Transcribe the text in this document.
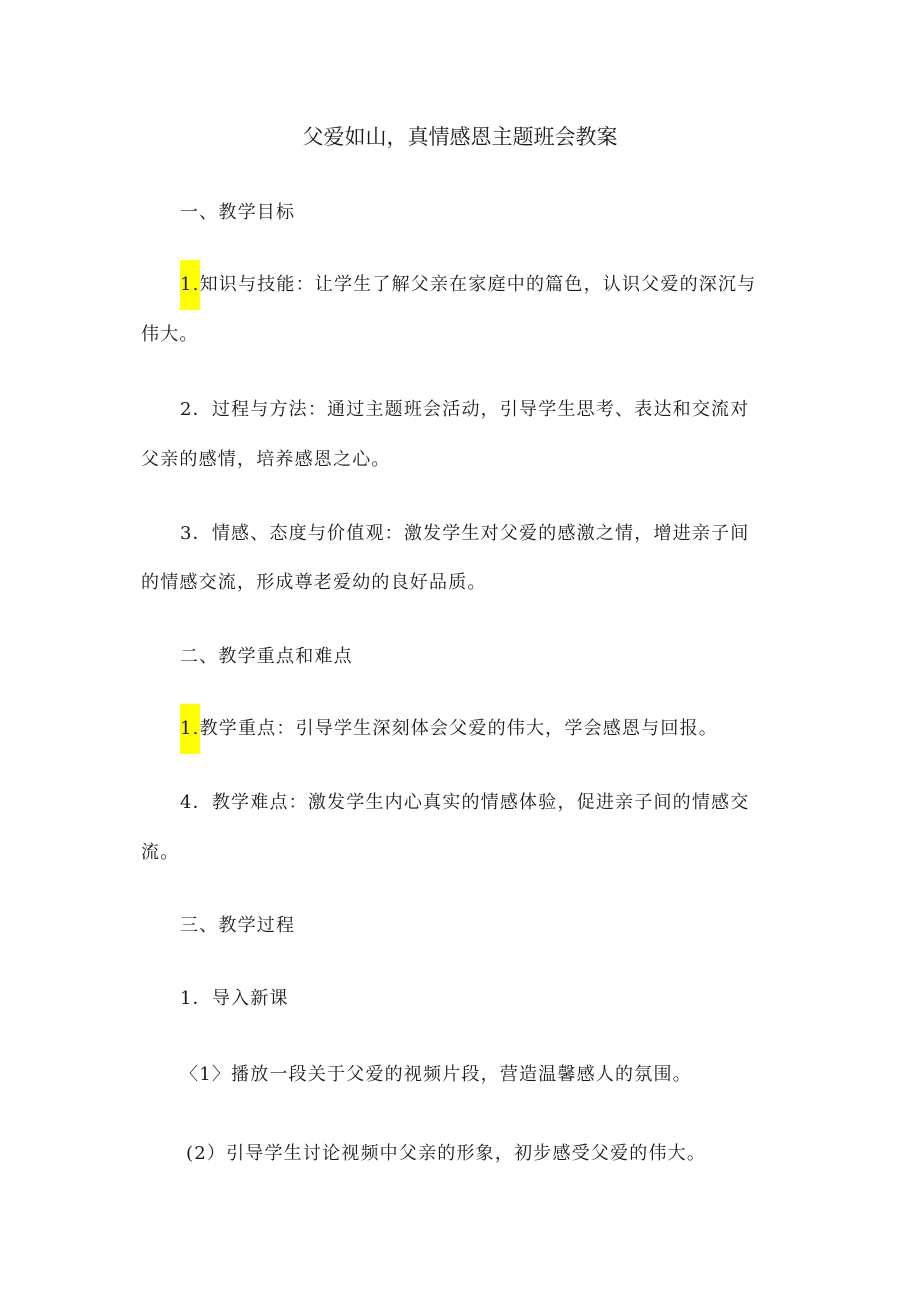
父爱如山，真情感恩主题班会教案
一、教学目标
1.知识与技能：让学生了解父亲在家庭中的篇色，认识父爱的深沉与
伟大。
2．过程与方法：通过主题班会活动，引导学生思考、表达和交流对
父亲的感情，培养感恩之心。
3．情感、态度与价值观：激发学生对父爱的感激之情，增进亲子间
的情感交流，形成尊老爱幼的良好品质。
二、教学重点和难点
1.教学重点：引导学生深刻体会父爱的伟大，学会感恩与回报。
4．教学难点：激发学生内心真实的情感体验，促进亲子间的情感交
流。
三、教学过程
1．导入新课
〈1〉播放一段关于父爱的视频片段，营造温馨感人的氛围。
(2）引导学生讨论视频中父亲的形象，初步感受父爱的伟大。
